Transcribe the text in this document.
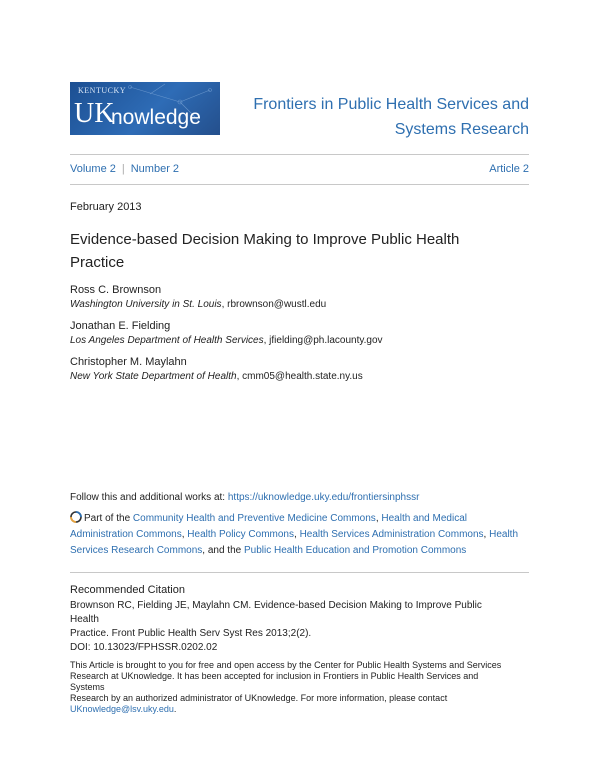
KENTUCKY
UK
nowledge
Frontiers in Public Health Services and
Systems Research
Volume 2 | Number 2	Article 2
February 2013
Evidence-based Decision Making to Improve Public Health Practice
Ross C. Brownson
Washington University in St. Louis, rbrownson@wustl.edu
Jonathan E. Fielding
Los Angeles Department of Health Services, jfielding@ph.lacounty.gov
Christopher M. Maylahn
New York State Department of Health, cmm05@health.state.ny.us
Follow this and additional works at: https://uknowledge.uky.edu/frontiersinphssr
Part of the Community Health and Preventive Medicine Commons, Health and Medical Administration Commons, Health Policy Commons, Health Services Administration Commons, Health Services Research Commons, and the Public Health Education and Promotion Commons
Recommended Citation
Brownson RC, Fielding JE, Maylahn CM. Evidence-based Decision Making to Improve Public Health
Practice. Front Public Health Serv Syst Res 2013;2(2).
DOI: 10.13023/FPHSSR.0202.02
This Article is brought to you for free and open access by the Center for Public Health Systems and Services
Research at UKnowledge. It has been accepted for inclusion in Frontiers in Public Health Services and Systems
Research by an authorized administrator of UKnowledge. For more information, please contact
UKnowledge@lsv.uky.edu.
